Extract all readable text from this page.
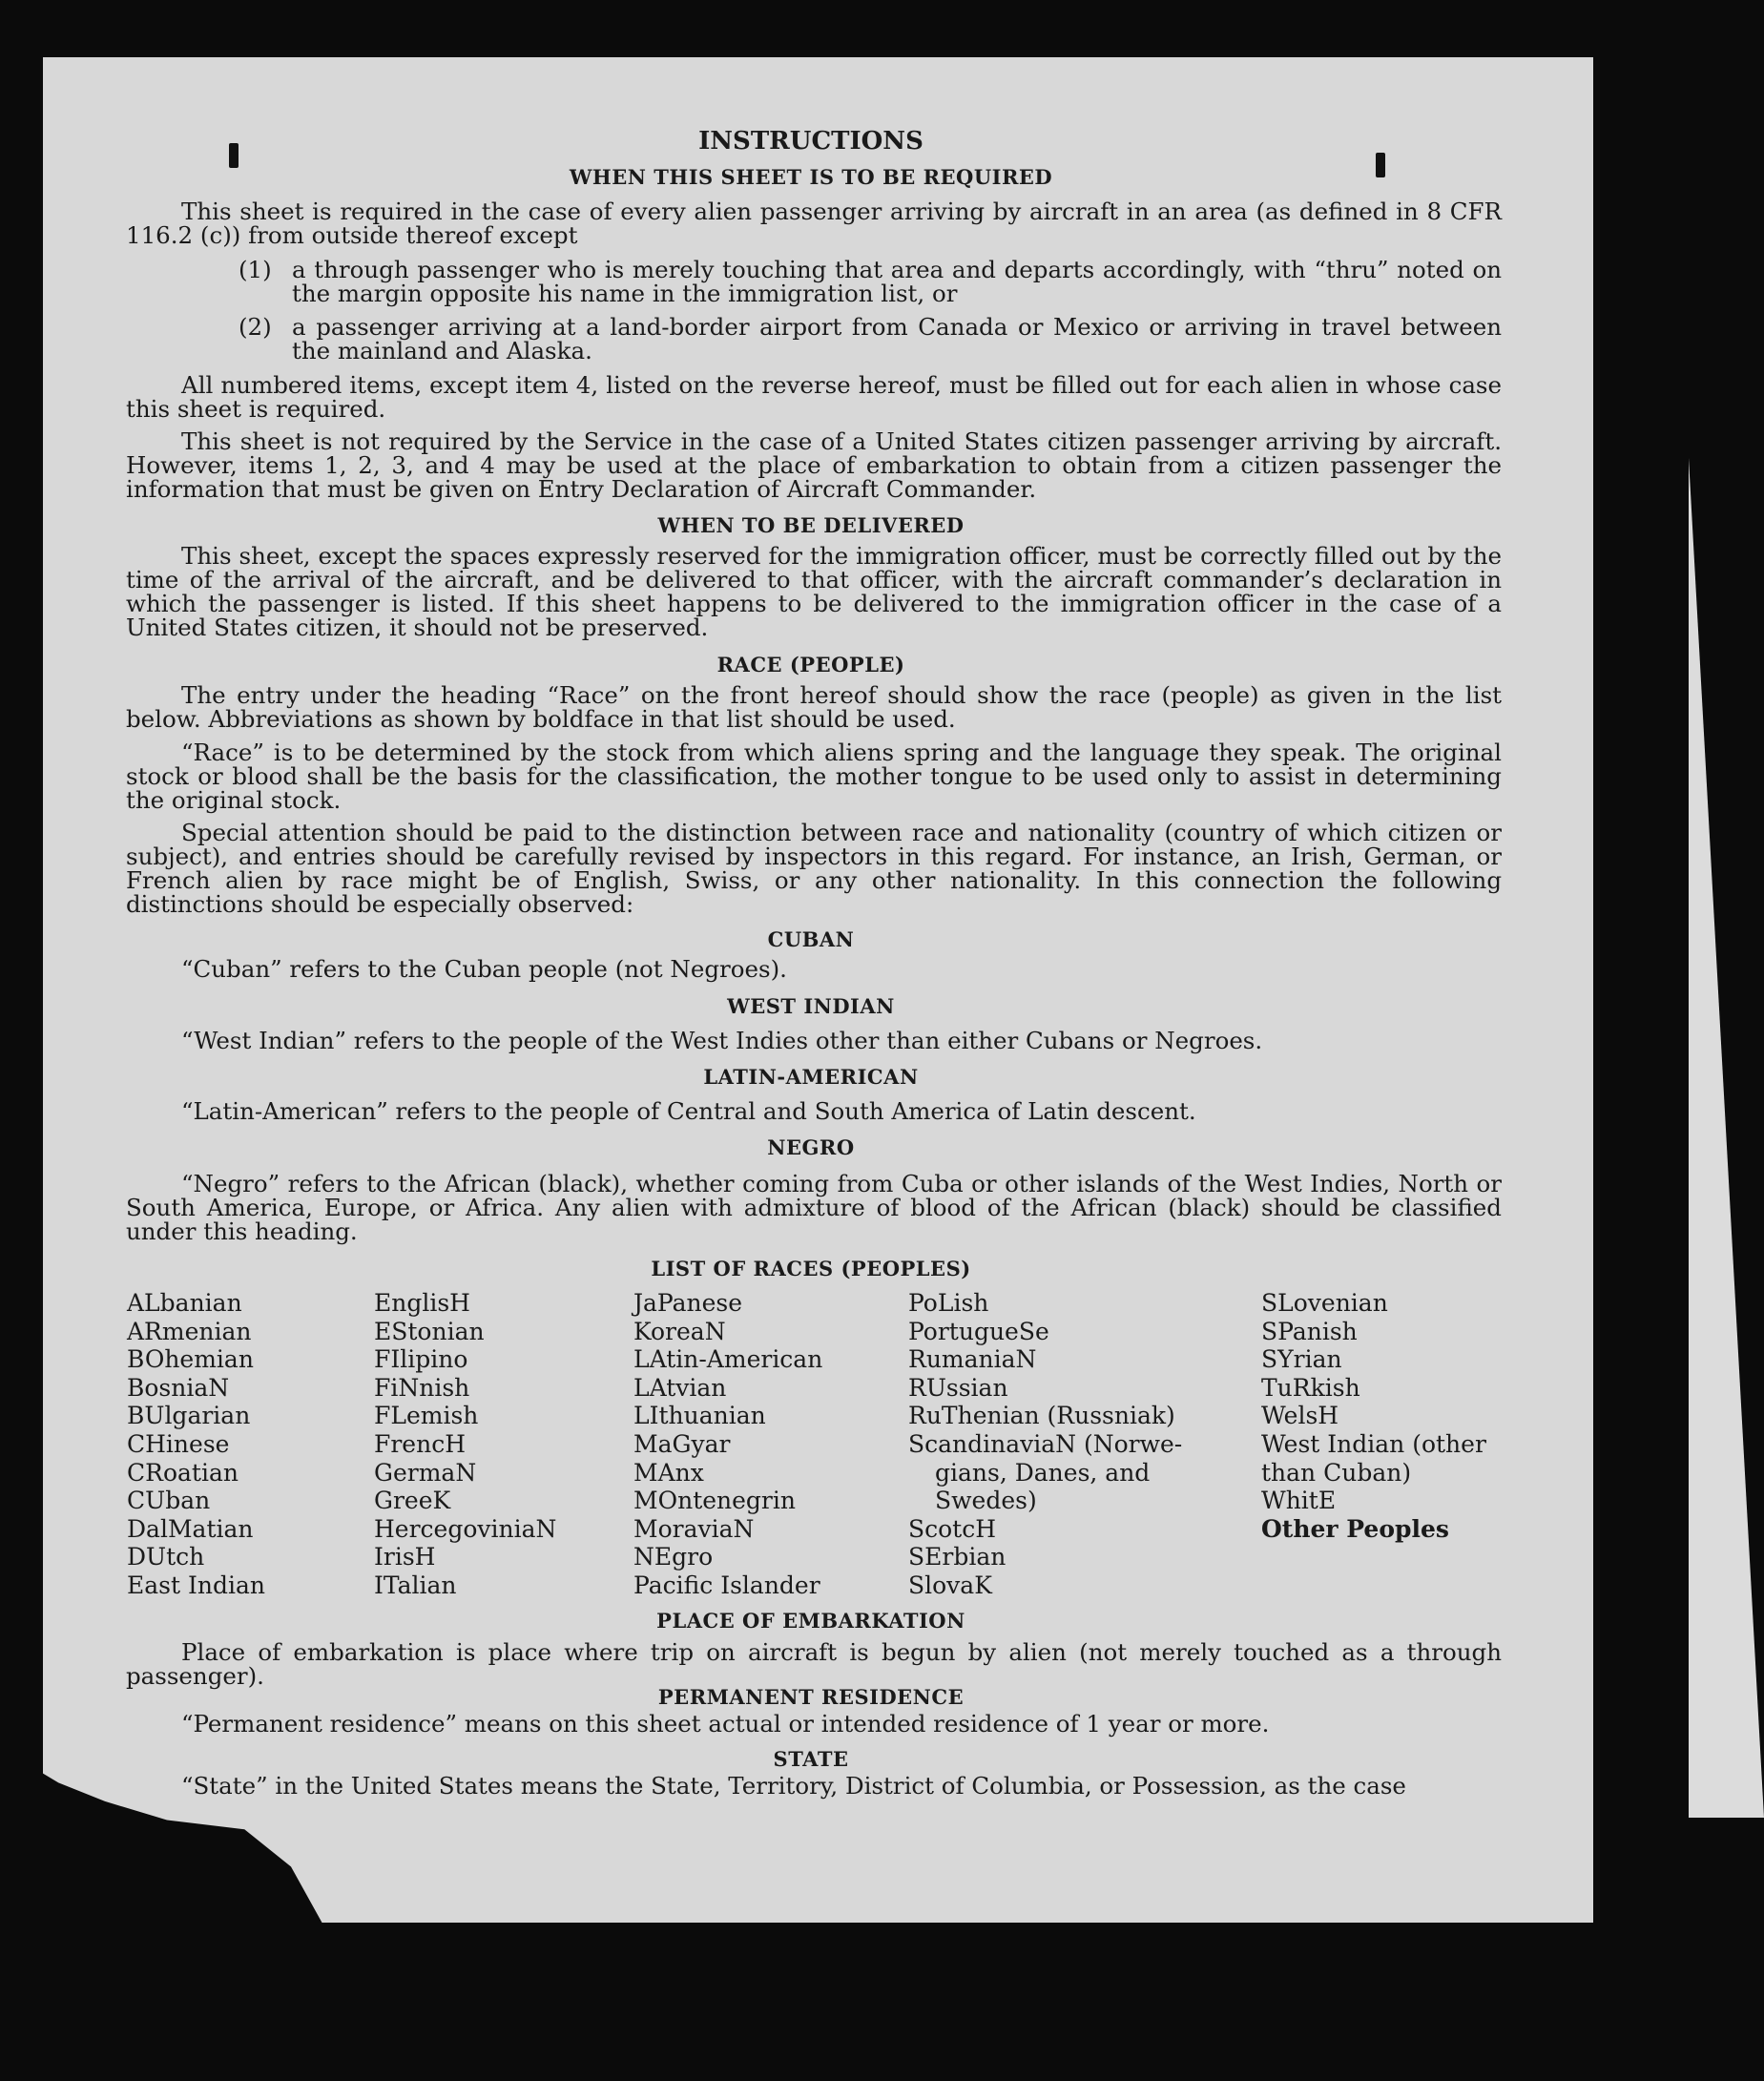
INSTRUCTIONS
WHEN THIS SHEET IS TO BE REQUIRED
This sheet is required in the case of every alien passenger arriving by aircraft in an area (as defined in 8 CFR 116.2 (c)) from outside thereof except
(1) a through passenger who is merely touching that area and departs accordingly, with “thru” noted on the margin opposite his name in the immigration list, or
(2) a passenger arriving at a land-border airport from Canada or Mexico or arriving in travel between the mainland and Alaska.
All numbered items, except item 4, listed on the reverse hereof, must be filled out for each alien in whose case this sheet is required.
This sheet is not required by the Service in the case of a United States citizen passenger arriving by aircraft. However, items 1, 2, 3, and 4 may be used at the place of embarkation to obtain from a citizen passenger the information that must be given on Entry Declaration of Aircraft Commander.
WHEN TO BE DELIVERED
This sheet, except the spaces expressly reserved for the immigration officer, must be correctly filled out by the time of the arrival of the aircraft, and be delivered to that officer, with the aircraft commander’s declaration in which the passenger is listed. If this sheet happens to be delivered to the immigration officer in the case of a United States citizen, it should not be preserved.
RACE (PEOPLE)
The entry under the heading “Race” on the front hereof should show the race (people) as given in the list below. Abbreviations as shown by boldface in that list should be used.
“Race” is to be determined by the stock from which aliens spring and the language they speak. The original stock or blood shall be the basis for the classification, the mother tongue to be used only to assist in determining the original stock.
Special attention should be paid to the distinction between race and nationality (country of which citizen or subject), and entries should be carefully revised by inspectors in this regard. For instance, an Irish, German, or French alien by race might be of English, Swiss, or any other nationality. In this connection the following distinctions should be especially observed:
CUBAN
“Cuban” refers to the Cuban people (not Negroes).
WEST INDIAN
“West Indian” refers to the people of the West Indies other than either Cubans or Negroes.
LATIN-AMERICAN
“Latin-American” refers to the people of Central and South America of Latin descent.
NEGRO
“Negro” refers to the African (black), whether coming from Cuba or other islands of the West Indies, North or South America, Europe, or Africa. Any alien with admixture of blood of the African (black) should be classified under this heading.
LIST OF RACES (PEOPLES)
ALbanian
ARmenian
BOhemian
BosniaN
BUlgarian
CHinese
CRoatian
CUban
DalMatian
DUtch
East Indian
EnglisH
EStonian
FIlipino
FiNnish
FLemish
FrencH
GermaN
GreeK
HercegoviniaN
IrisH
ITalian
JaPanese
KoreaN
LAtin-American
LAtvian
LIthuanian
MaGyar
MAnx
MOntenegrin
MoraviaN
NEgro
Pacific Islander
PoLish
PortugueSe
RumaniaN
RUssian
RuThenian (Russniak)
ScandinaviaN (Norwe-
gians, Danes, and
Swedes)
ScotcH
SErbian
SlovaK
SLovenian
SPanish
SYrian
TuRkish
WelsH
West Indian (other
than Cuban)
WhitE
Other Peoples
PLACE OF EMBARKATION
Place of embarkation is place where trip on aircraft is begun by alien (not merely touched as a through passenger).
PERMANENT RESIDENCE
“Permanent residence” means on this sheet actual or intended residence of 1 year or more.
STATE
“State” in the United States means the State, Territory, District of Columbia, or Possession, as the case
